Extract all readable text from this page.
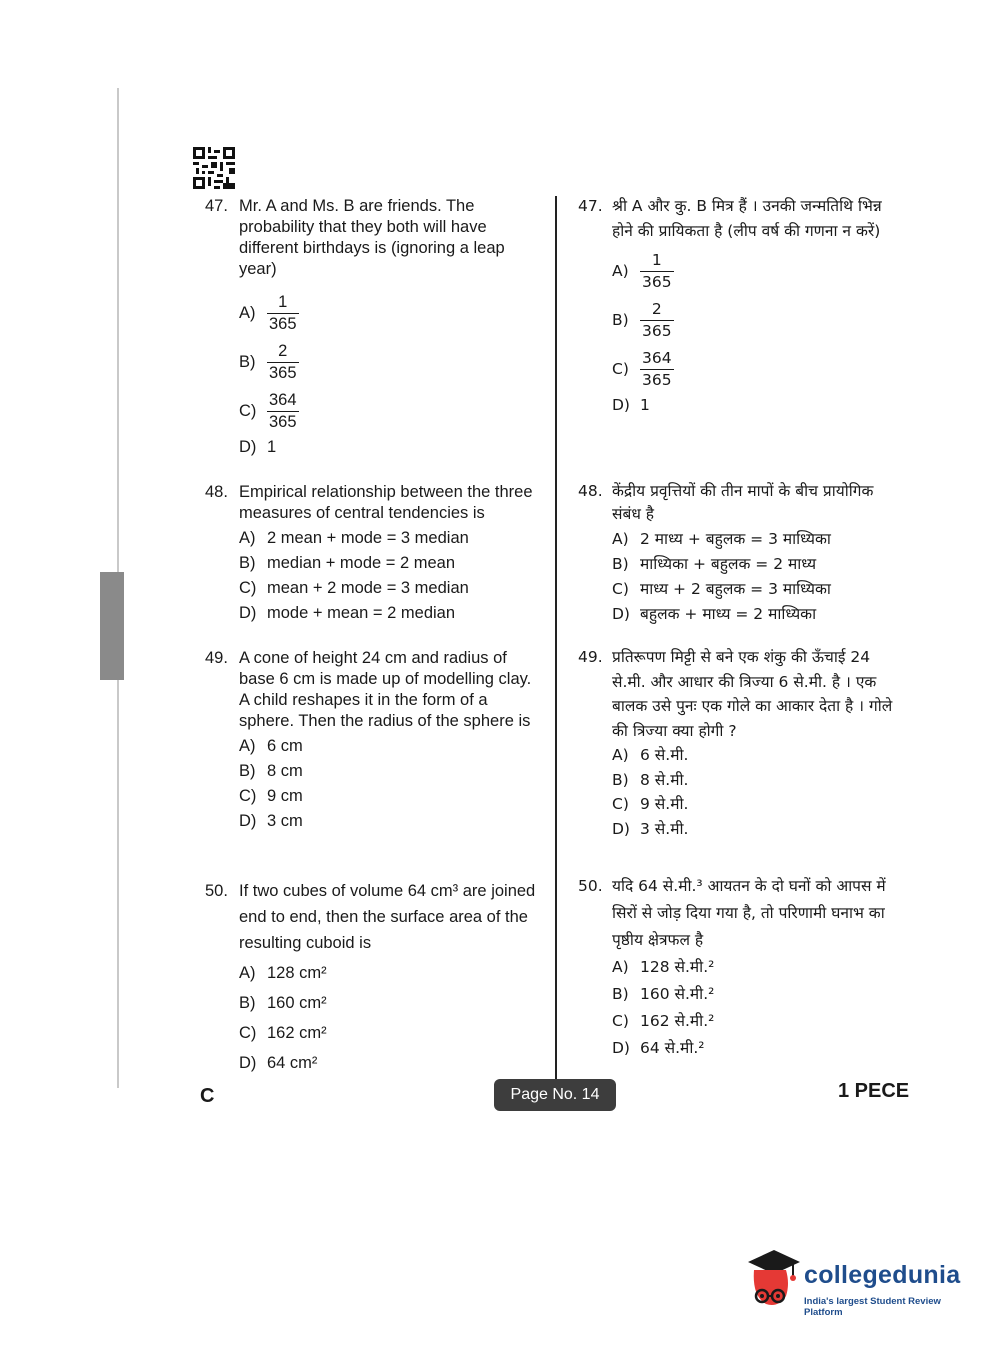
47. Mr. A and Ms. B are friends. The probability that they both will have different birthdays is (ignoring a leap year)
$A) \frac{1}{365}$
$B) \frac{2}{365}$
$C) \frac{364}{365}$
D) 1
48. Empirical relationship between the three measures of central tendencies is
A) 2 mean + mode = 3 median
B) median + mode = 2 mean
C) mean + 2 mode = 3 median
D) mode + mean = 2 median
49. A cone of height 24 cm and radius of base 6 cm is made up of modelling clay. A child reshapes it in the form of a sphere. Then the radius of the sphere is
A) 6 cm
B) 8 cm
C) 9 cm
D) 3 cm
50. If two cubes of volume 64 cm³ are joined end to end, then the surface area of the resulting cuboid is
A) 128 cm²
B) 160 cm²
C) 162 cm²
D) 64 cm²
47. श्री A और कु. B मित्र हैं । उनकी जन्मतिथि भिन्न होने की प्रायिकता है (लीप वर्ष की गणना न करें)
$A) \frac{1}{365}$
$B) \frac{2}{365}$
$C) \frac{364}{365}$
D) 1
48. केंद्रीय प्रवृत्तियों की तीन मापों के बीच प्रायोगिक संबंध है
A) 2 माध्य + बहुलक = 3 माध्यिका
B) माध्यिका + बहुलक = 2 माध्य
C) माध्य + 2 बहुलक = 3 माध्यिका
D) बहुलक + माध्य = 2 माध्यिका
49. प्रतिरूपण मिट्टी से बने एक शंकु की ऊँचाई 24 से.मी. और आधार की त्रिज्या 6 से.मी. है । एक बालक उसे पुनः एक गोले का आकार देता है । गोले की त्रिज्या क्या होगी ?
A) 6 से.मी.
B) 8 से.मी.
C) 9 से.मी.
D) 3 से.मी.
50. यदि 64 से.मी.³ आयतन के दो घनों को आपस में सिरों से जोड़ दिया गया है, तो परिणामी घनाभ का पृष्ठीय क्षेत्रफल है
A) 128 से.मी.²
B) 160 से.मी.²
C) 162 से.मी.²
D) 64 से.मी.²
C	Page No. 14	1 PECE
collegedunia
India's largest Student Review Platform
